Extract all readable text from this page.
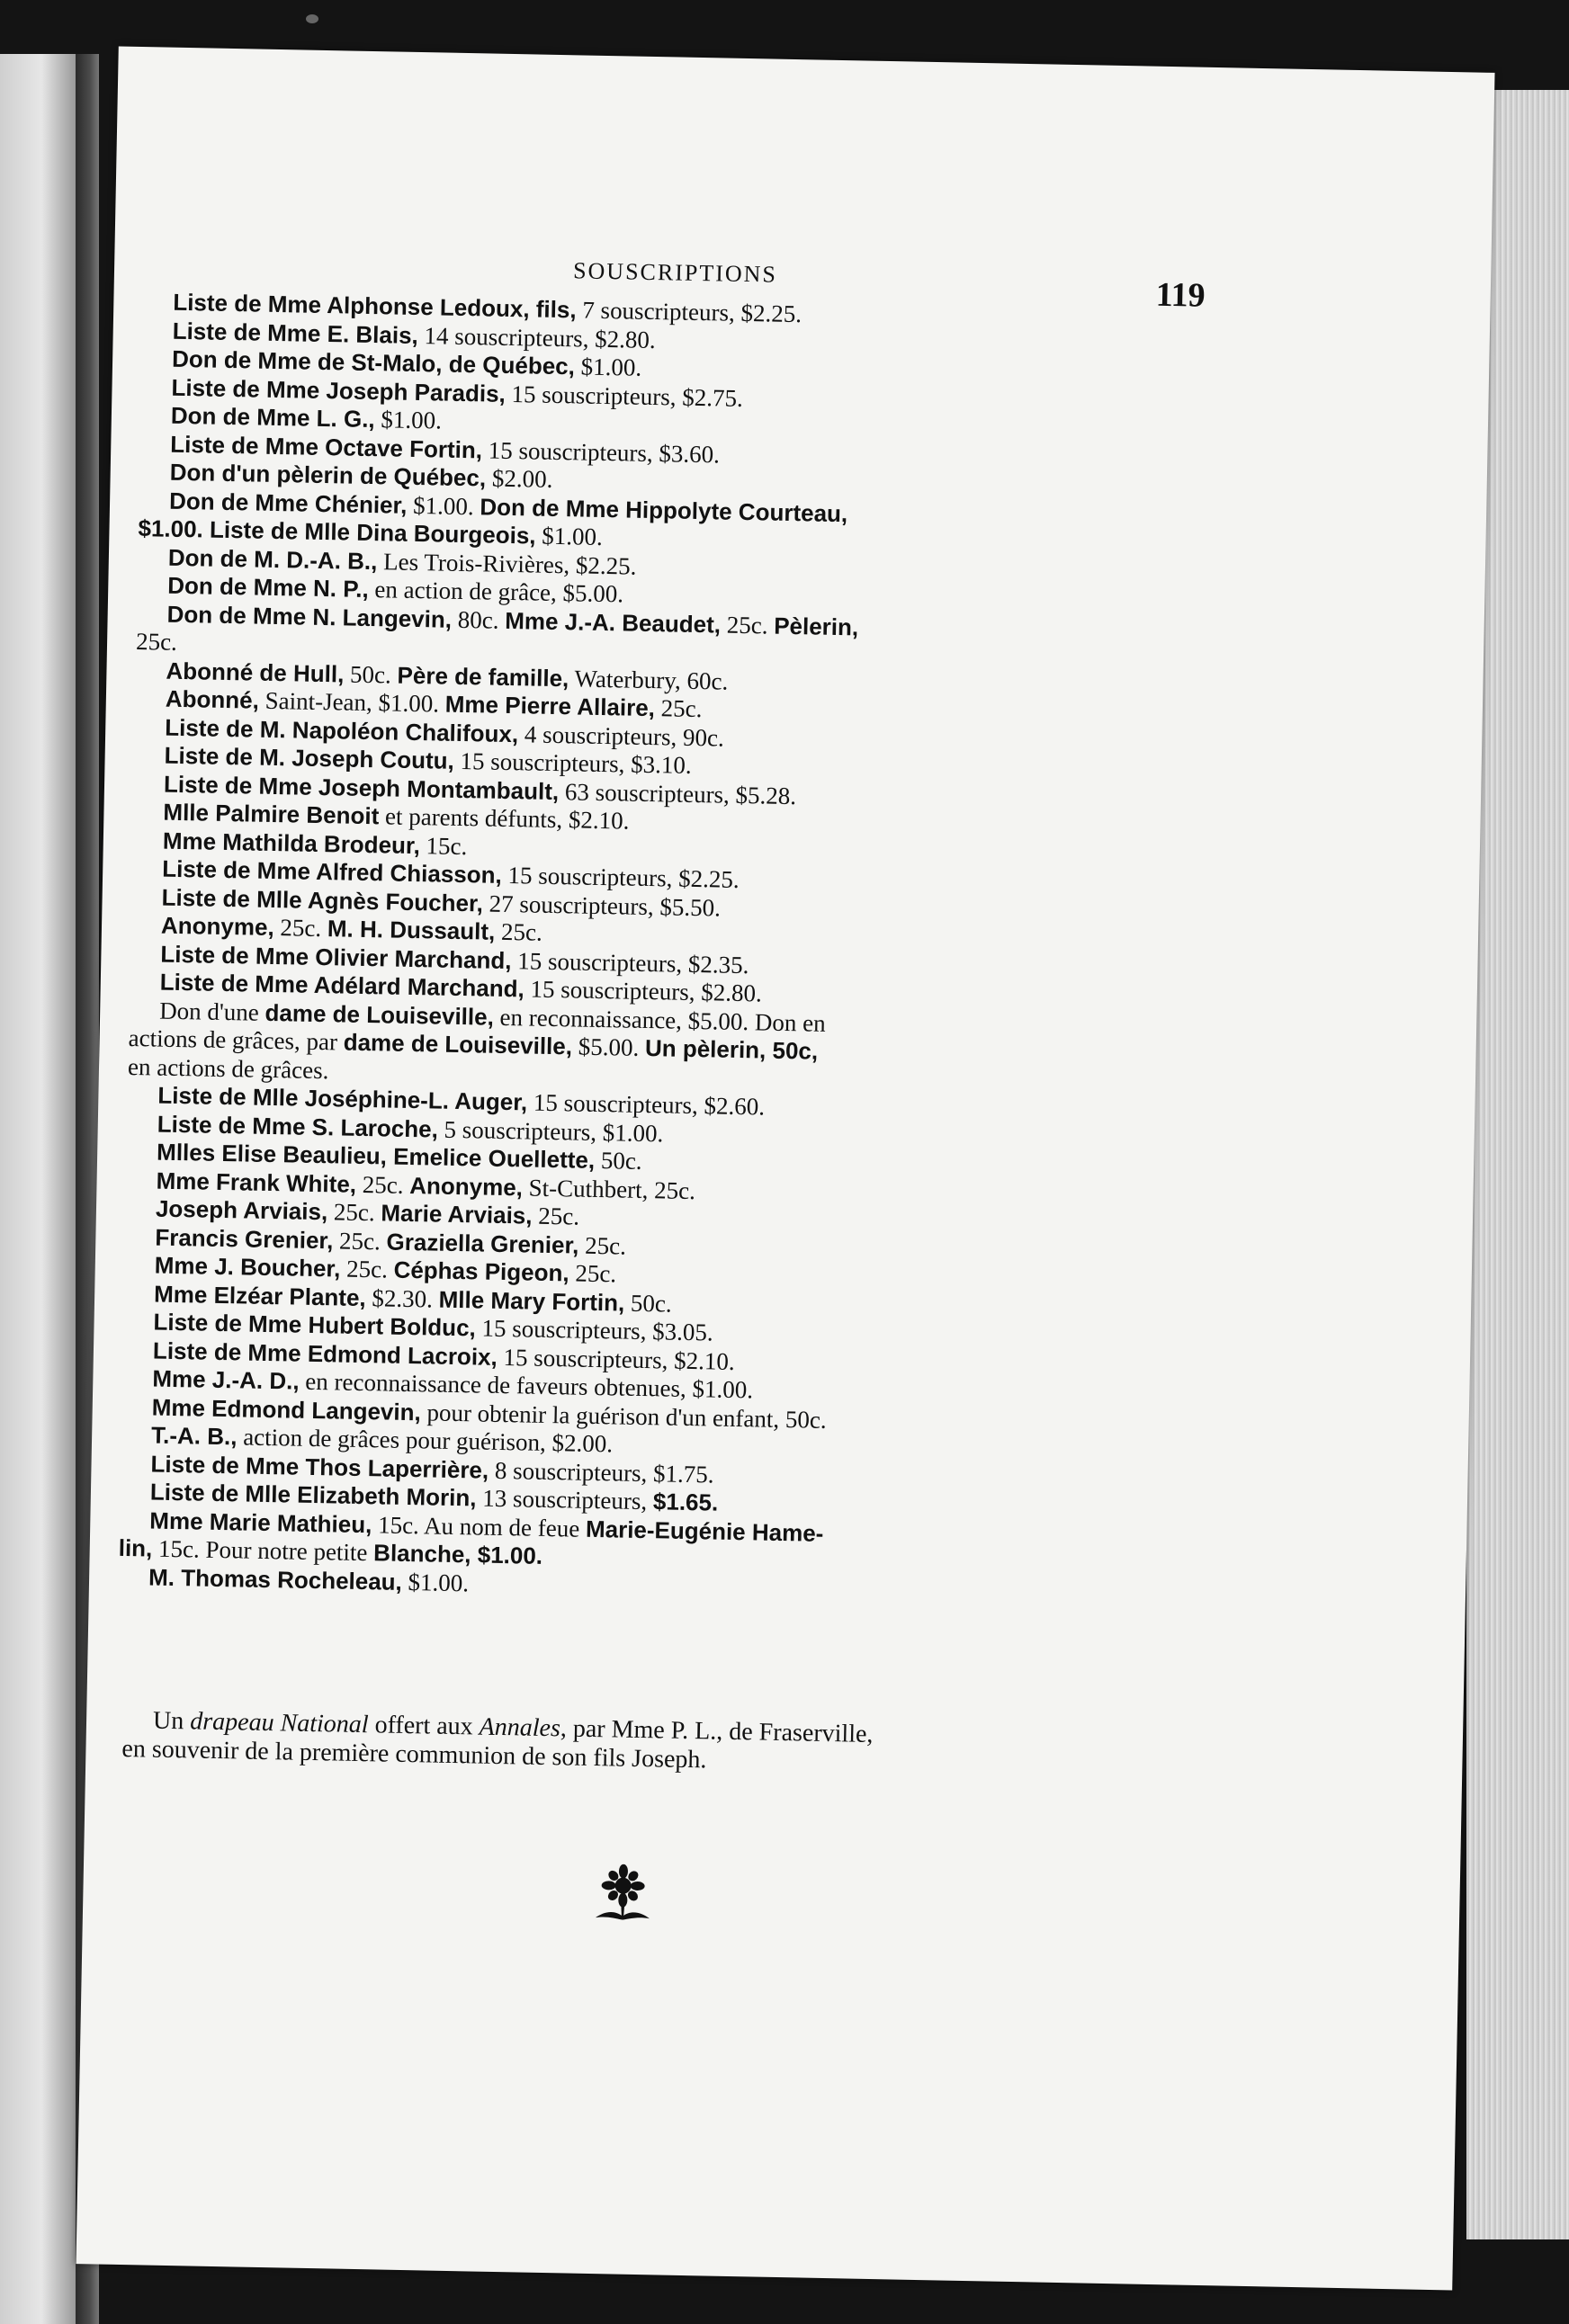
SOUSCRIPTIONS
119
Liste de Mme Alphonse Ledoux, fils, 7 souscripteurs, $2.25.
Liste de Mme E. Blais, 14 souscripteurs, $2.80.
Don de Mme de St-Malo, de Québec, $1.00.
Liste de Mme Joseph Paradis, 15 souscripteurs, $2.75.
Don de Mme L. G., $1.00.
Liste de Mme Octave Fortin, 15 souscripteurs, $3.60.
Don d'un pèlerin de Québec, $2.00.
Don de Mme Chénier, $1.00. Don de Mme Hippolyte Courteau,
$1.00. Liste de Mlle Dina Bourgeois, $1.00.
Don de M. D.-A. B., Les Trois-Rivières, $2.25.
Don de Mme N. P., en action de grâce, $5.00.
Don de Mme N. Langevin, 80c. Mme J.-A. Beaudet, 25c. Pèlerin,
25c.
Abonné de Hull, 50c. Père de famille, Waterbury, 60c.
Abonné, Saint-Jean, $1.00. Mme Pierre Allaire, 25c.
Liste de M. Napoléon Chalifoux, 4 souscripteurs, 90c.
Liste de M. Joseph Coutu, 15 souscripteurs, $3.10.
Liste de Mme Joseph Montambault, 63 souscripteurs, $5.28.
Mlle Palmire Benoit et parents défunts, $2.10.
Mme Mathilda Brodeur, 15c.
Liste de Mme Alfred Chiasson, 15 souscripteurs, $2.25.
Liste de Mlle Agnès Foucher, 27 souscripteurs, $5.50.
Anonyme, 25c. M. H. Dussault, 25c.
Liste de Mme Olivier Marchand, 15 souscripteurs, $2.35.
Liste de Mme Adélard Marchand, 15 souscripteurs, $2.80.
Don d'une dame de Louiseville, en reconnaissance, $5.00. Don en
actions de grâces, par dame de Louiseville, $5.00. Un pèlerin, 50c,
en actions de grâces.
Liste de Mlle Joséphine-L. Auger, 15 souscripteurs, $2.60.
Liste de Mme S. Laroche, 5 souscripteurs, $1.00.
Mlles Elise Beaulieu, Emelice Ouellette, 50c.
Mme Frank White, 25c. Anonyme, St-Cuthbert, 25c.
Joseph Arviais, 25c. Marie Arviais, 25c.
Francis Grenier, 25c. Graziella Grenier, 25c.
Mme J. Boucher, 25c. Céphas Pigeon, 25c.
Mme Elzéar Plante, $2.30. Mlle Mary Fortin, 50c.
Liste de Mme Hubert Bolduc, 15 souscripteurs, $3.05.
Liste de Mme Edmond Lacroix, 15 souscripteurs, $2.10.
Mme J.-A. D., en reconnaissance de faveurs obtenues, $1.00.
Mme Edmond Langevin, pour obtenir la guérison d'un enfant, 50c.
T.-A. B., action de grâces pour guérison, $2.00.
Liste de Mme Thos Laperrière, 8 souscripteurs, $1.75.
Liste de Mlle Elizabeth Morin, 13 souscripteurs, $1.65.
Mme Marie Mathieu, 15c. Au nom de feue Marie-Eugénie Hame-
lin, 15c. Pour notre petite Blanche, $1.00.
M. Thomas Rocheleau, $1.00.
Un drapeau National offert aux Annales, par Mme P. L., de Fraserville,
en souvenir de la première communion de son fils Joseph.
